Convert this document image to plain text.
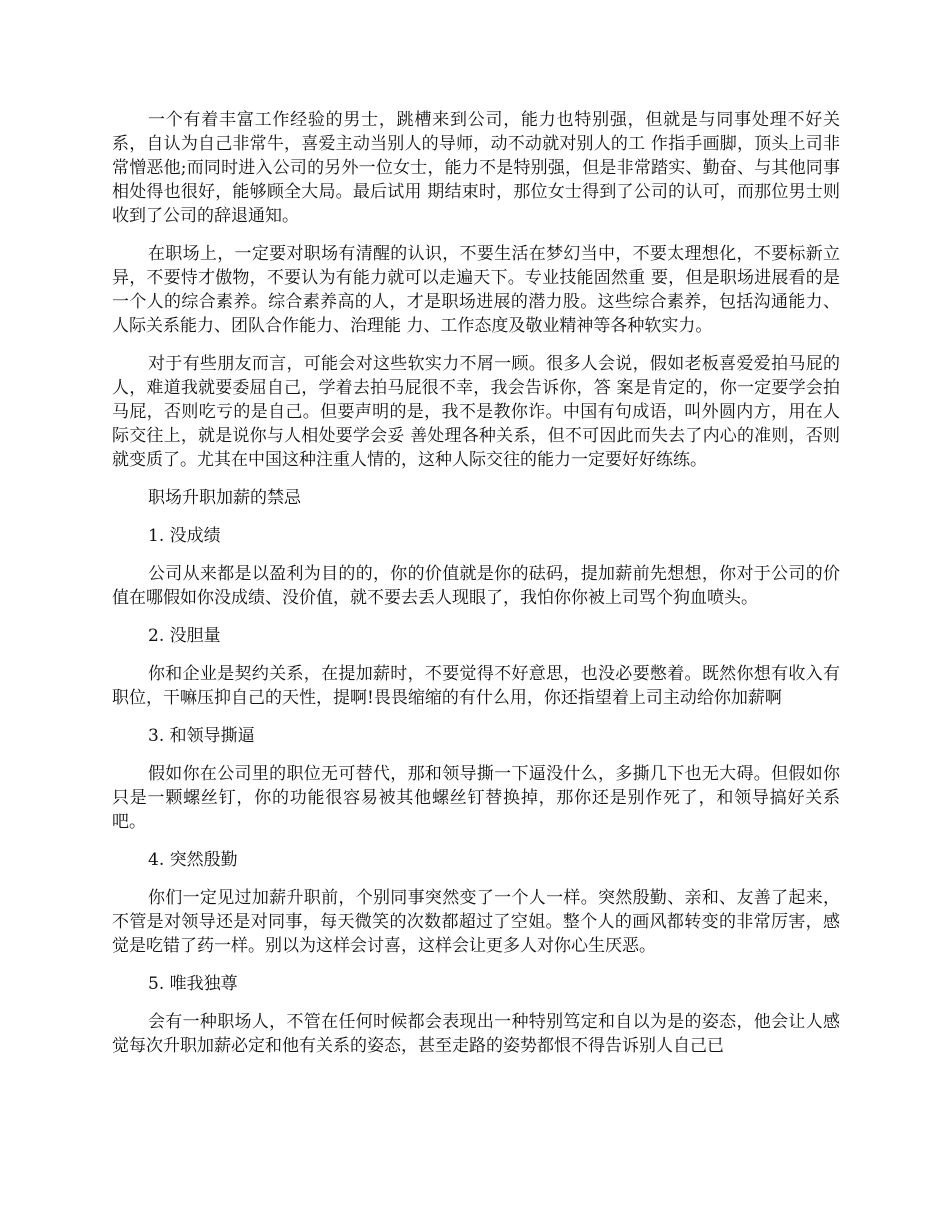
一个有着丰富工作经验的男士，跳槽来到公司，能力也特别强，但就是与同事处理不好关系，自认为自己非常牛，喜爱主动当别人的导师，动不动就对别人的工 作指手画脚，顶头上司非常憎恶他;而同时进入公司的另外一位女士，能力不是特别强，但是非常踏实、勤奋、与其他同事相处得也很好，能够顾全大局。最后试用 期结束时，那位女士得到了公司的认可，而那位男士则收到了公司的辞退通知。

在职场上，一定要对职场有清醒的认识，不要生活在梦幻当中，不要太理想化，不要标新立异，不要恃才傲物，不要认为有能力就可以走遍天下。专业技能固然重 要，但是职场进展看的是一个人的综合素养。综合素养高的人，才是职场进展的潜力股。这些综合素养，包括沟通能力、人际关系能力、团队合作能力、治理能 力、工作态度及敬业精神等各种软实力。

对于有些朋友而言，可能会对这些软实力不屑一顾。很多人会说，假如老板喜爱爱拍马屁的人，难道我就要委屈自己，学着去拍马屁很不幸，我会告诉你，答 案是肯定的，你一定要学会拍马屁，否则吃亏的是自己。但要声明的是，我不是教你诈。中国有句成语，叫外圆内方，用在人际交往上，就是说你与人相处要学会妥 善处理各种关系，但不可因此而失去了内心的准则，否则就变质了。尤其在中国这种注重人情的，这种人际交往的能力一定要好好练练。

职场升职加薪的禁忌

1. 没成绩

公司从来都是以盈利为目的的，你的价值就是你的砝码，提加薪前先想想，你对于公司的价值在哪假如你没成绩、没价值，就不要去丢人现眼了，我怕你你被上司骂个狗血喷头。

2. 没胆量

你和企业是契约关系，在提加薪时，不要觉得不好意思，也没必要憋着。既然你想有收入有职位，干嘛压抑自己的天性，提啊!畏畏缩缩的有什么用，你还指望着上司主动给你加薪啊

3. 和领导撕逼

假如你在公司里的职位无可替代，那和领导撕一下逼没什么，多撕几下也无大碍。但假如你只是一颗螺丝钉，你的功能很容易被其他螺丝钉替换掉，那你还是别作死了，和领导搞好关系吧。

4. 突然殷勤

你们一定见过加薪升职前，个别同事突然变了一个人一样。突然殷勤、亲和、友善了起来，不管是对领导还是对同事，每天微笑的次数都超过了空姐。整个人的画风都转变的非常厉害，感觉是吃错了药一样。别以为这样会讨喜，这样会让更多人对你心生厌恶。

5. 唯我独尊

会有一种职场人，不管在任何时候都会表现出一种特别笃定和自以为是的姿态，他会让人感觉每次升职加薪必定和他有关系的姿态，甚至走路的姿势都恨不得告诉别人自己已
